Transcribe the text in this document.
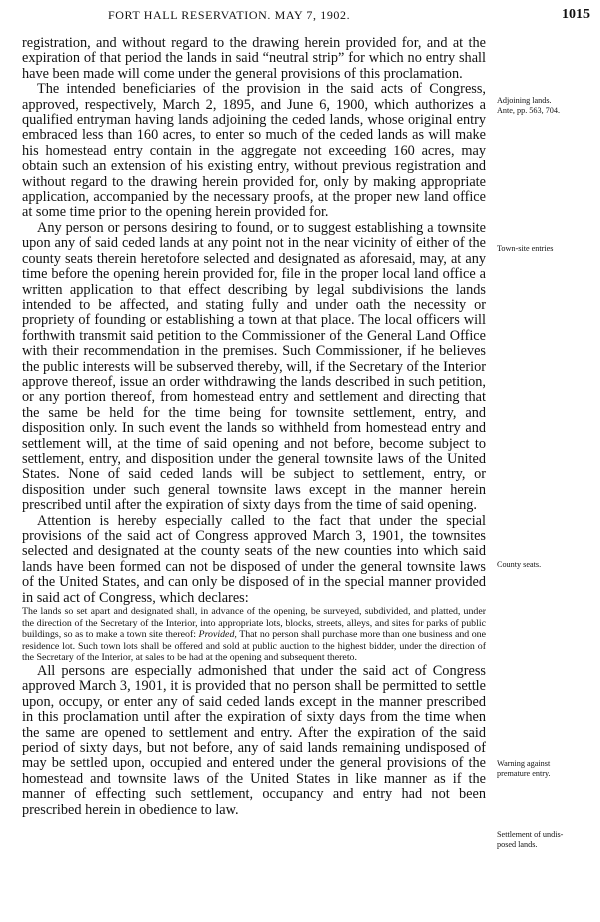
FORT HALL RESERVATION. MAY 7, 1902.	1015

registration, and without regard to the drawing herein provided for, and at the expiration of that period the lands in said “neutral strip” for which no entry shall have been made will come under the general provisions of this proclamation.

The intended beneficiaries of the provision in the said acts of Congress, approved, respectively, March 2, 1895, and June 6, 1900, which authorizes a qualified entryman having lands adjoining the ceded lands, whose original entry embraced less than 160 acres, to enter so much of the ceded lands as will make his homestead entry contain in the aggregate not exceeding 160 acres, may obtain such an extension of his existing entry, without previous registration and without regard to the drawing herein provided for, only by making appropriate application, accompanied by the necessary proofs, at the proper new land office at some time prior to the opening herein provided for.

Any person or persons desiring to found, or to suggest establishing a townsite upon any of said ceded lands at any point not in the near vicinity of either of the county seats therein heretofore selected and designated as aforesaid, may, at any time before the opening herein provided for, file in the proper local land office a written application to that effect describing by legal subdivisions the lands intended to be affected, and stating fully and under oath the necessity or propriety of founding or establishing a town at that place. The local officers will forthwith transmit said petition to the Commissioner of the General Land Office with their recommendation in the premises. Such Commissioner, if he believes the public interests will be subserved thereby, will, if the Secretary of the Interior approve thereof, issue an order withdrawing the lands described in such petition, or any portion thereof, from homestead entry and settlement and directing that the same be held for the time being for townsite settlement, entry, and disposition only. In such event the lands so withheld from homestead entry and settlement will, at the time of said opening and not before, become subject to settlement, entry, and disposition under the general townsite laws of the United States. None of said ceded lands will be subject to settlement, entry, or disposition under such general townsite laws except in the manner herein prescribed until after the expiration of sixty days from the time of said opening.

Attention is hereby especially called to the fact that under the special provisions of the said act of Congress approved March 3, 1901, the townsites selected and designated at the county seats of the new counties into which said lands have been formed can not be disposed of under the general townsite laws of the United States, and can only be disposed of in the special manner provided in said act of Congress, which declares:

The lands so set apart and designated shall, in advance of the opening, be surveyed, subdivided, and platted, under the direction of the Secretary of the Interior, into appropriate lots, blocks, streets, alleys, and sites for parks of public buildings, so as to make a town site thereof: Provided, That no person shall purchase more than one business and one residence lot. Such town lots shall be offered and sold at public auction to the highest bidder, under the direction of the Secretary of the Interior, at sales to be had at the opening and subsequent thereto.

All persons are especially admonished that under the said act of Congress approved March 3, 1901, it is provided that no person shall be permitted to settle upon, occupy, or enter any of said ceded lands except in the manner prescribed in this proclamation until after the expiration of sixty days from the time when the same are opened to settlement and entry. After the expiration of the said period of sixty days, but not before, any of said lands remaining undisposed of may be settled upon, occupied and entered under the general provisions of the homestead and townsite laws of the United States in like manner as if the manner of effecting such settlement, occupancy and entry had not been prescribed herein in obedience to law.

Adjoining lands.
Ante, pp. 563, 704.
Town-site entries
County seats.
Warning against
premature entry.
Settlement of undis-
posed lands.
